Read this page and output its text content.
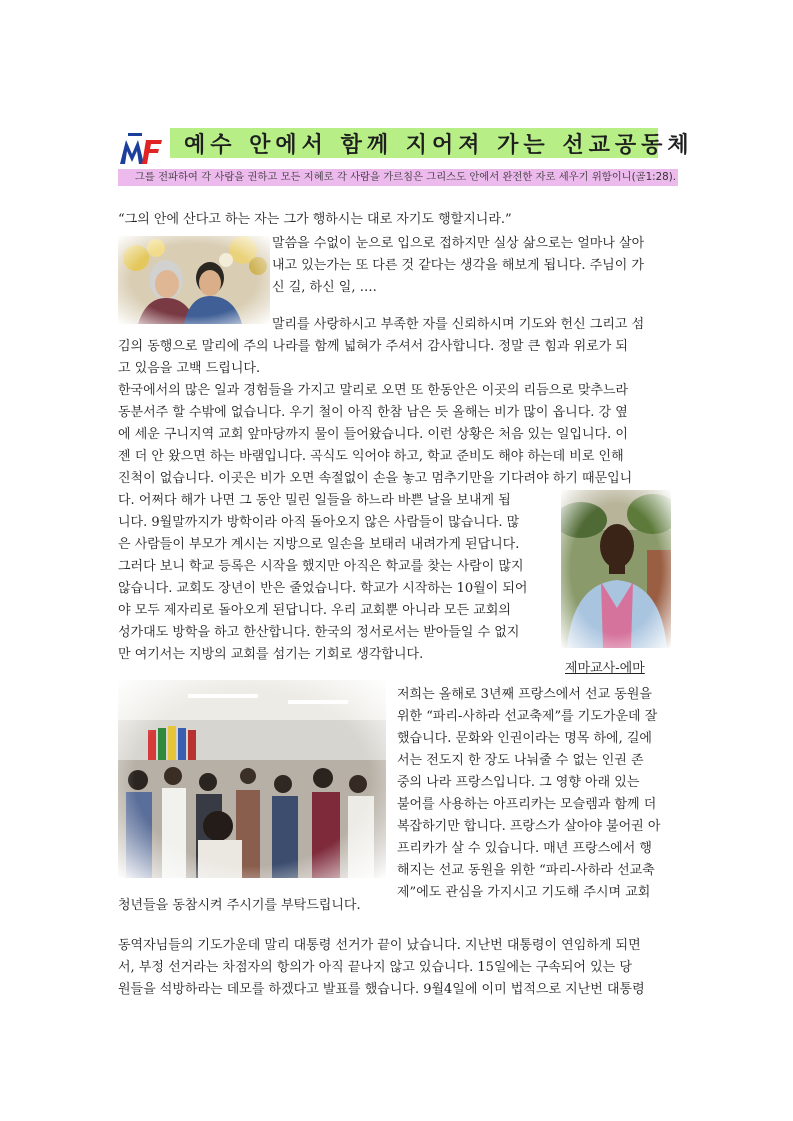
예수 안에서 함께 지어져 가는 선교공동체
그를 전파하여 각 사람을 권하고 모든 지혜로 각 사람을 가르침은 그리스도 안에서 완전한 자로 세우기 위함이니(골1:28).
“그의 안에 산다고 하는 자는 그가 행하시는 대로 자기도 행할지니라.”
말씀을 수없이 눈으로 입으로 접하지만 실상 삶으로는 얼마나 살아
내고 있는가는 또 다른 것 같다는 생각을 해보게 됩니다. 주님이 가
신 길, 하신 일, ….
말리를 사랑하시고 부족한 자를 신뢰하시며 기도와 헌신 그리고 섬
김의 동행으로 말리에 주의 나라를 함께 넓혀가 주셔서 감사합니다. 정말 큰 힘과 위로가 되
고 있음을 고백 드립니다.
한국에서의 많은 일과 경험들을 가지고 말리로 오면 또 한동안은 이곳의 리듬으로 맞추느라
동분서주 할 수밖에 없습니다. 우기 철이 아직 한참 남은 듯 올해는 비가 많이 옵니다. 강 옆
에 세운 구니지역 교회 앞마당까지 물이 들어왔습니다. 이런 상황은 처음 있는 일입니다. 이
젠 더 안 왔으면 하는 바램입니다. 곡식도 익어야 하고, 학교 준비도 해야 하는데 비로 인해
진척이 없습니다. 이곳은 비가 오면 속절없이 손을 놓고 멈추기만을 기다려야 하기 때문입니
다. 어쩌다 해가 나면 그 동안 밀린 일들을 하느라 바쁜 날을 보내게 됩
니다. 9월말까지가 방학이라 아직 돌아오지 않은 사람들이 많습니다. 많
은 사람들이 부모가 계시는 지방으로 일손을 보태러 내려가게 된답니다.
그러다 보니 학교 등록은 시작을 했지만 아직은 학교를 찾는 사람이 많지
않습니다. 교회도 장년이 반은 줄었습니다. 학교가 시작하는 10월이 되어
야 모두 제자리로 돌아오게 된답니다. 우리 교회뿐 아니라 모든 교회의
성가대도 방학을 하고 한산합니다. 한국의 정서로서는 받아들일 수 없지
만 여기서는 지방의 교회를 섬기는 기회로 생각합니다.
제마교사-에마
저희는 올해로 3년째 프랑스에서 선교 동원을
위한 “파리-사하라 선교축제”를 기도가운데 잘
했습니다. 문화와 인권이라는 명목 하에, 길에
서는 전도지 한 장도 나눠줄 수 없는 인권 존
중의 나라 프랑스입니다. 그 영향 아래 있는
불어를 사용하는 아프리카는 모슬렘과 함께 더
복잡하기만 합니다. 프랑스가 살아야 불어권 아
프리카가 살 수 있습니다. 매년 프랑스에서 행
해지는 선교 동원을 위한 “파리-사하라 선교축
제”에도 관심을 가지시고 기도해 주시며 교회
청년들을 동참시켜 주시기를 부탁드립니다.
동역자님들의 기도가운데 말리 대통령 선거가 끝이 났습니다. 지난번 대통령이 연임하게 되면
서, 부정 선거라는 차점자의 항의가 아직 끝나지 않고 있습니다. 15일에는 구속되어 있는 당
원들을 석방하라는 데모를 하겠다고 발표를 했습니다. 9월4일에 이미 법적으로 지난번 대통령
